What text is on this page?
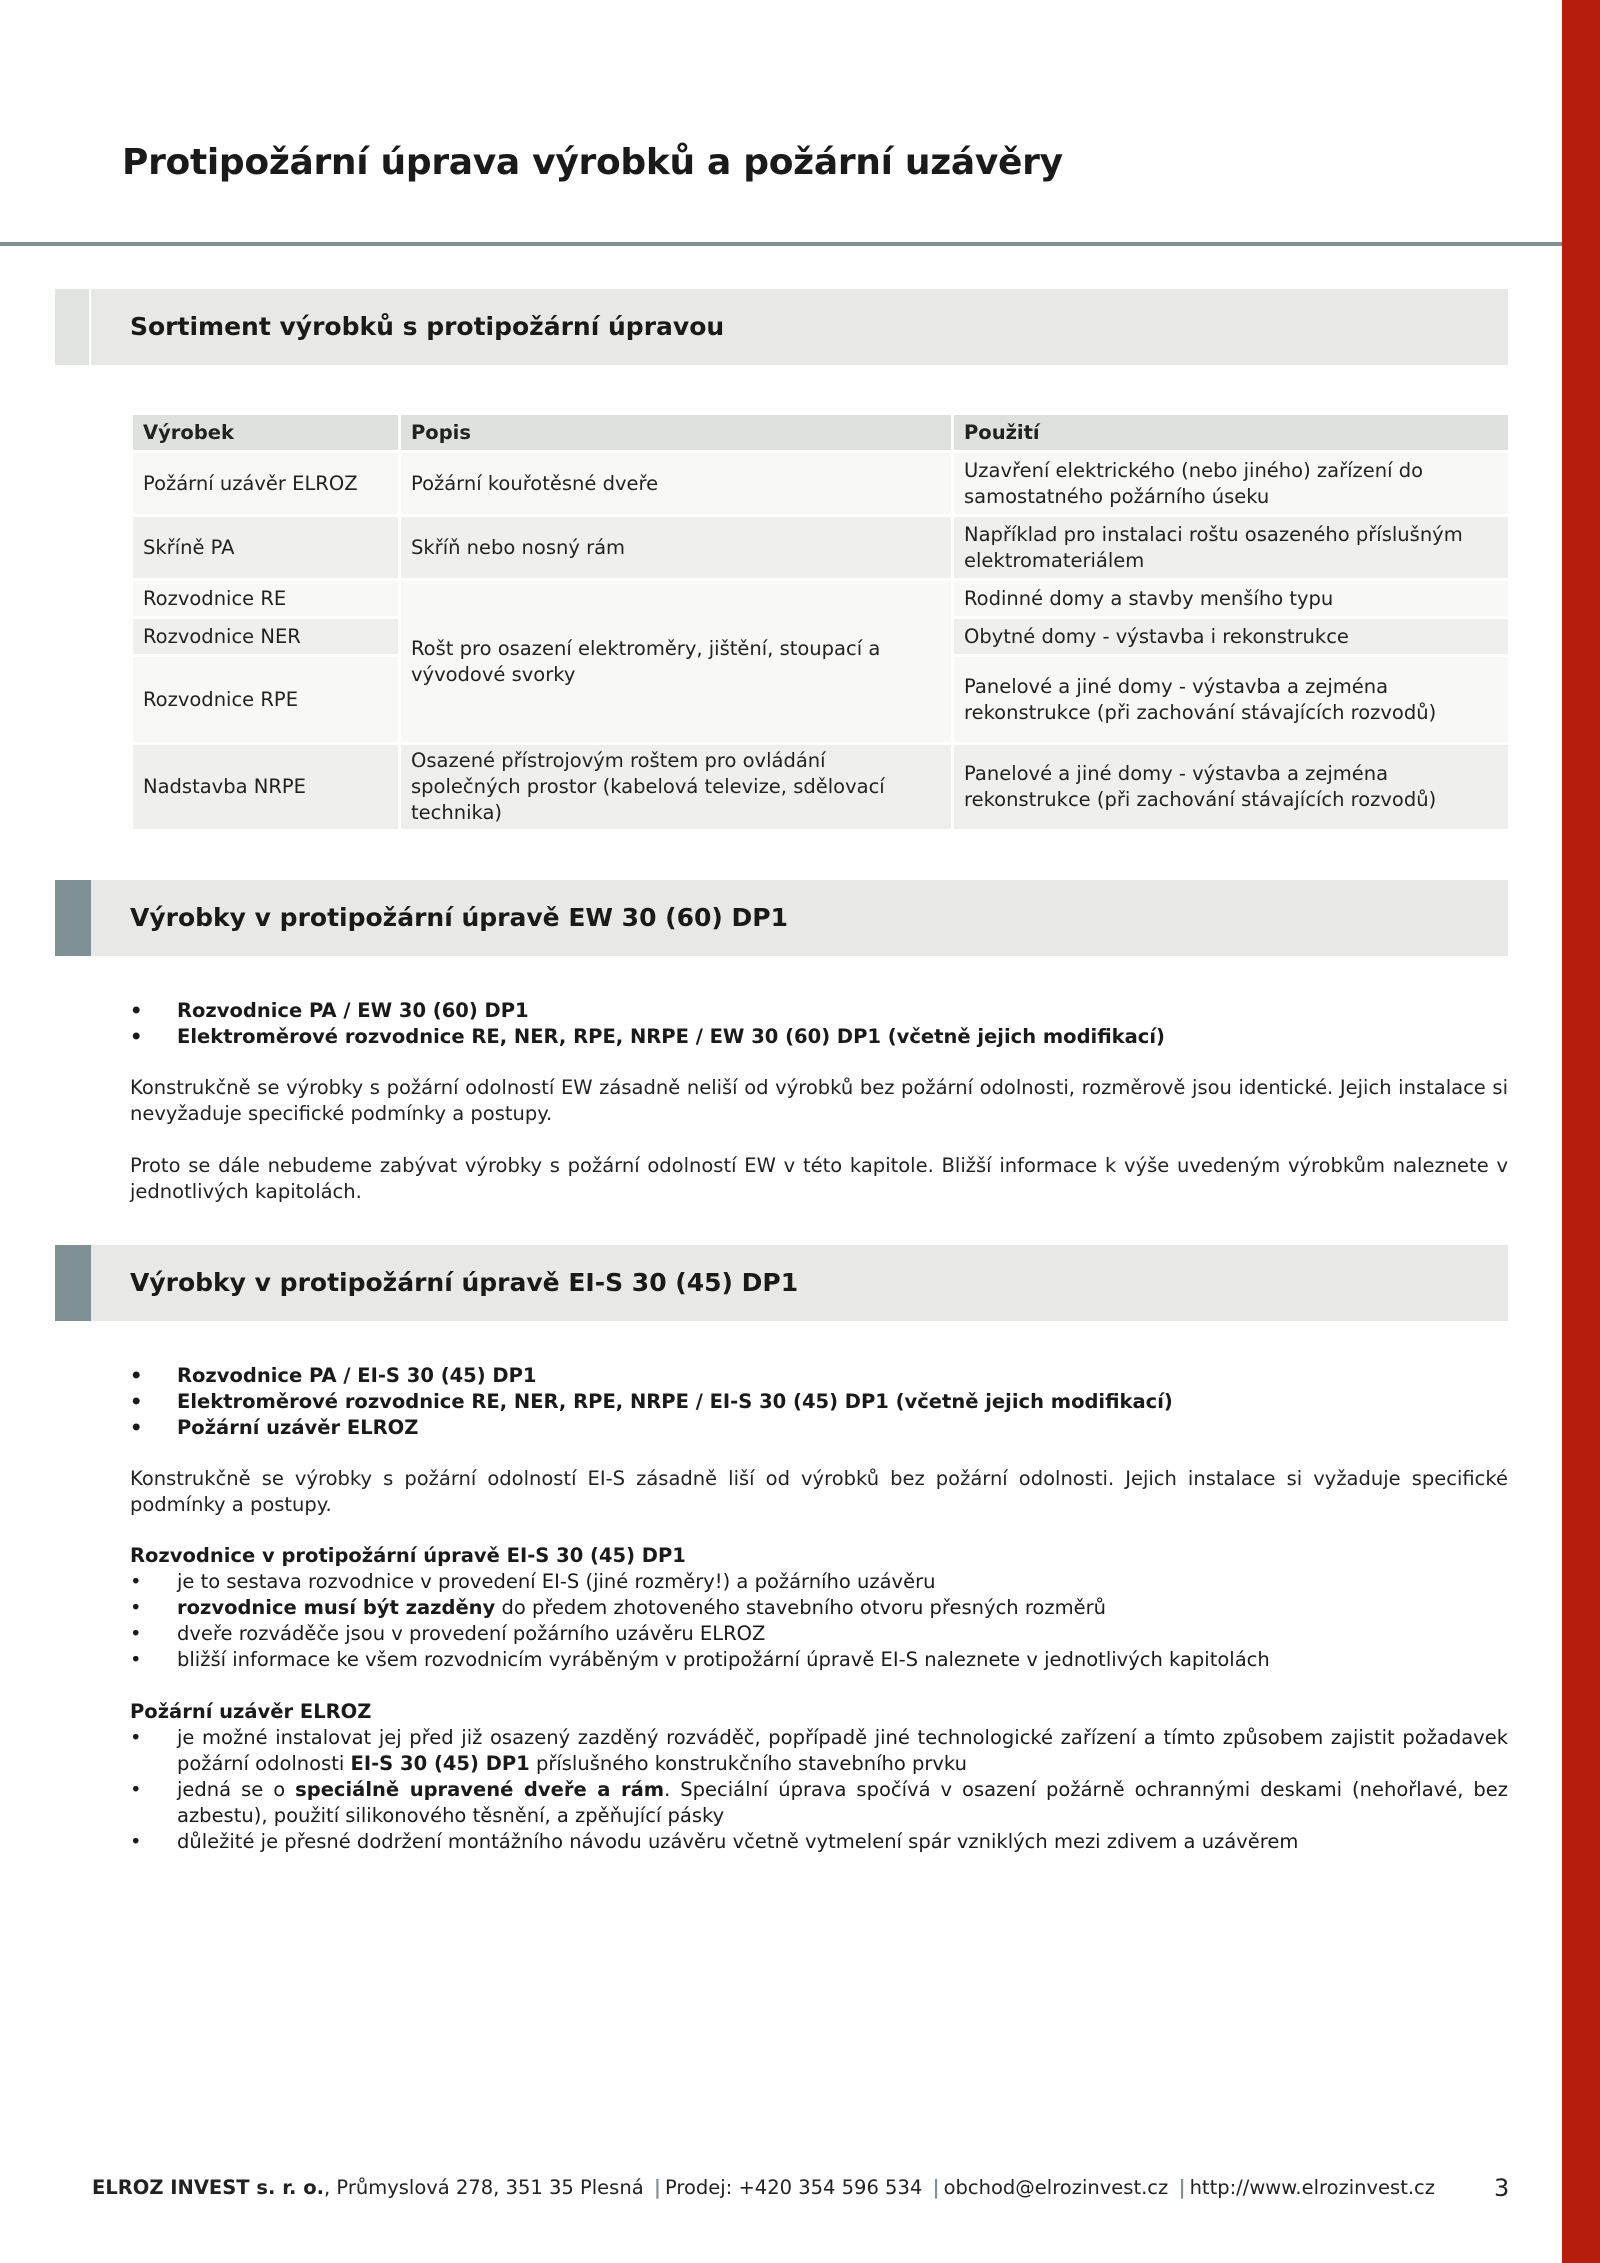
Protipožární úprava výrobků a požární uzávěry
Sortiment výrobků s protipožární úpravou
Výrobek	Popis	Použití
Požární uzávěr ELROZ	Požární kouřotěsné dveře	Uzavření elektrického (nebo jiného) zařízení do samostatného požárního úseku
Skříně PA	Skříň nebo nosný rám	Například pro instalaci roštu osazeného příslušným elektromateriálem
Rozvodnice RE	Rošt pro osazení elektroměry, jištění, stoupací a vývodové svorky	Rodinné domy a stavby menšího typu
Rozvodnice NER		Obytné domy - výstavba i rekonstrukce
Rozvodnice RPE		Panelové a jiné domy - výstavba a zejména rekonstrukce (při zachování stávajících rozvodů)
Nadstavba NRPE	Osazené přístrojovým roštem pro ovládání společných prostor (kabelová televize, sdělovací technika)	Panelové a jiné domy - výstavba a zejména rekonstrukce (při zachování stávajících rozvodů)
Výrobky v protipožární úpravě EW 30 (60) DP1
• Rozvodnice PA / EW 30 (60) DP1
• Elektroměrové rozvodnice RE, NER, RPE, NRPE / EW 30 (60) DP1 (včetně jejich modifikací)

Konstrukčně se výrobky s požární odolností EW zásadně neliší od výrobků bez požární odolnosti, rozměrově jsou identické. Jejich instalace si nevyžaduje specifické podmínky a postupy.

Proto se dále nebudeme zabývat výrobky s požární odolností EW v této kapitole. Bližší informace k výše uvedeným výrobkům naleznete v jednotlivých kapitolách.

Výrobky v protipožární úpravě EI-S 30 (45) DP1
• Rozvodnice PA / EI-S 30 (45) DP1
• Elektroměrové rozvodnice RE, NER, RPE, NRPE / EI-S 30 (45) DP1 (včetně jejich modifikací)
• Požární uzávěr ELROZ

Konstrukčně se výrobky s požární odolností EI-S zásadně liší od výrobků bez požární odolnosti. Jejich instalace si vyžaduje specifické podmínky a postupy.

Rozvodnice v protipožární úpravě EI-S 30 (45) DP1
• je to sestava rozvodnice v provedení EI-S (jiné rozměry!) a požárního uzávěru
• rozvodnice musí být zazděny do předem zhotoveného stavebního otvoru přesných rozměrů
• dveře rozváděče jsou v provedení požárního uzávěru ELROZ
• bližší informace ke všem rozvodnicím vyráběným v protipožární úpravě EI-S naleznete v jednotlivých kapitolách
Požární uzávěr ELROZ
• je možné instalovat jej před již osazený zazděný rozváděč, popřípadě jiné technologické zařízení a tímto způsobem zajistit požadavek požární odolnosti EI-S 30 (45) DP1 příslušného konstrukčního stavebního prvku
• jedná se o speciálně upravené dveře a rám. Speciální úprava spočívá v osazení požárně ochrannými deskami (nehořlavé, bez azbestu), použití silikonového těsnění, a zpěňující pásky
• důležité je přesné dodržení montážního návodu uzávěru včetně vytmelení spár vzniklých mezi zdivem a uzávěrem
ELROZ INVEST s. r. o., Průmyslová 278, 351 35 Plesná | Prodej: +420 354 596 534 | obchod@elrozinvest.cz | http://www.elrozinvest.cz 3
